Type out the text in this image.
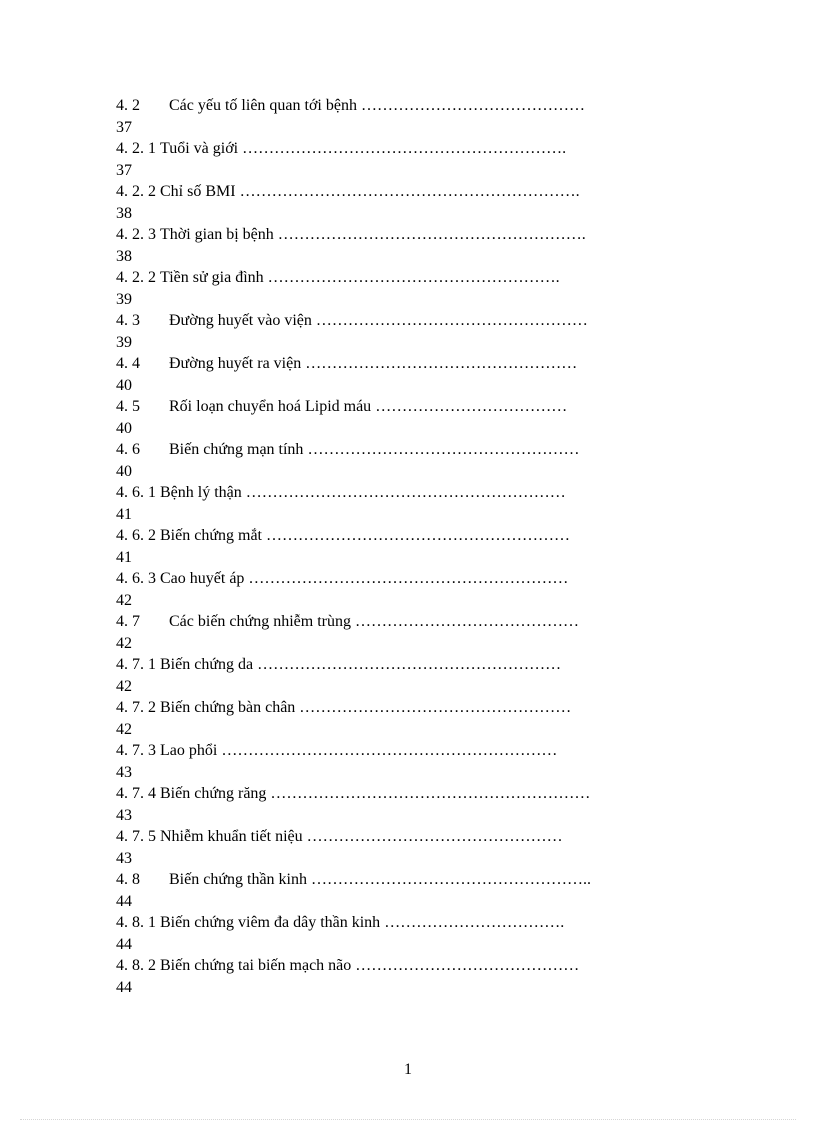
4. 2 Các yếu tố liên quan tới bệnh ……………………………………
37
4. 2. 1 Tuổi và giới …………………………………………………….
37
4. 2. 2 Chỉ số BMI ……………………………………………………….
38
4. 2. 3 Thời gian bị bệnh ………………………………………………….
38
4. 2. 2 Tiền sử gia đình ……………………………………………….
39
4. 3 Đường huyết vào viện ……………………………………………
39
4. 4 Đường huyết ra viện ……………………………………………
40
4. 5 Rối loạn chuyển hoá Lipid máu ………………………………
40
4. 6 Biến chứng mạn tính ……………………………………………
40
4. 6. 1 Bệnh lý thận ……………………………………………………
41
4. 6. 2 Biến chứng mắt …………………………………………………
41
4. 6. 3 Cao huyết áp ……………………………………………………
42
4. 7 Các biến chứng nhiễm trùng ……………………………………
42
4. 7. 1 Biến chứng da …………………………………………………
42
4. 7. 2 Biến chứng bàn chân ……………………………………………
42
4. 7. 3 Lao phổi ………………………………………………………
43
4. 7. 4 Biến chứng răng ……………………………………………………
43
4. 7. 5 Nhiễm khuẩn tiết niệu …………………………………………
43
4. 8 Biến chứng thần kinh ……………………………………………..
44
4. 8. 1 Biến chứng viêm đa dây thần kinh …………………………….
44
4. 8. 2 Biến chứng tai biến mạch não ……………………………………
44
1
